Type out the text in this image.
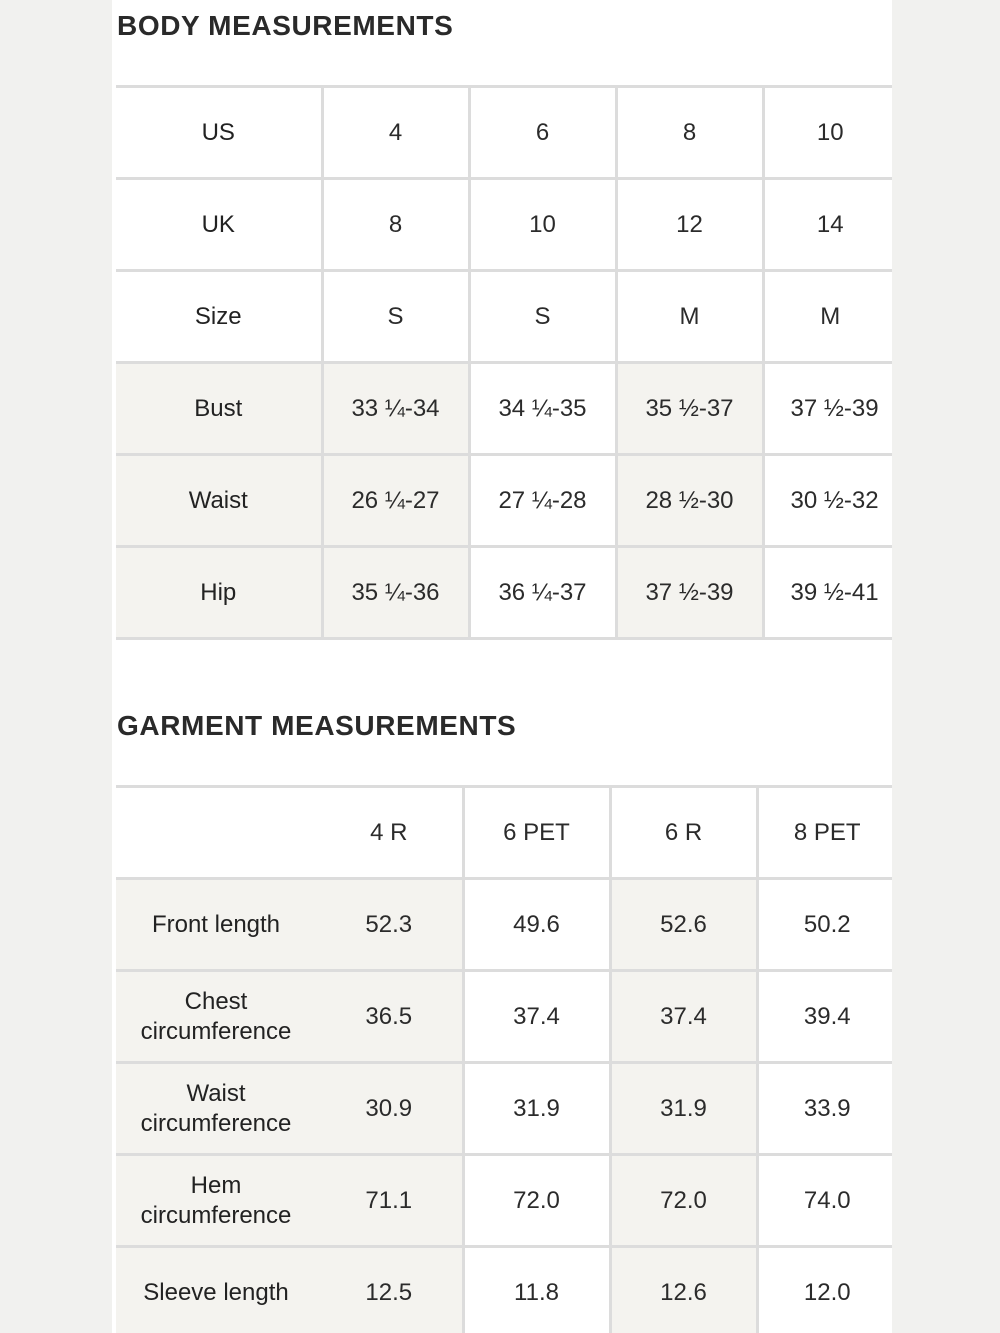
BODY MEASUREMENTS
US	4	6	8	10
UK	8	10	12	14
Size	S	S	M	M
Bust	33 ¼-34	34 ¼-35	35 ½-37	37 ½-39
Waist	26 ¼-27	27 ¼-28	28 ½-30	30 ½-32
Hip	35 ¼-36	36 ¼-37	37 ½-39	39 ½-41
GARMENT MEASUREMENTS
	4 R	6 PET	6 R	8 PET
Front length	52.3	49.6	52.6	50.2
Chest circumference	36.5	37.4	37.4	39.4
Waist circumference	30.9	31.9	31.9	33.9
Hem circumference	71.1	72.0	72.0	74.0
Sleeve length	12.5	11.8	12.6	12.0
